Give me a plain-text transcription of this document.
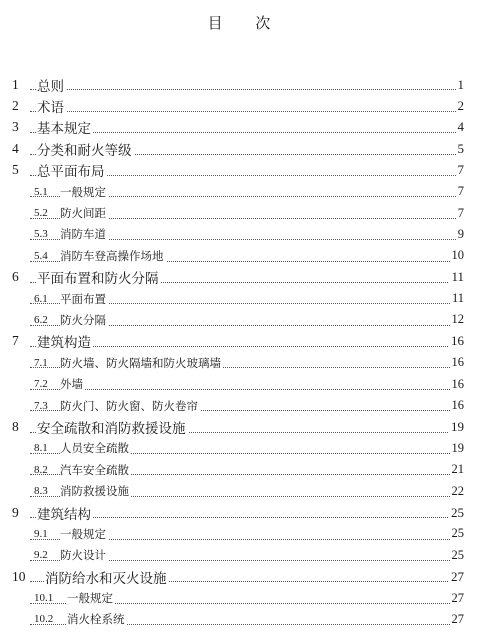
目 次
1 总则	1
2 术语	2
3 基本规定	4
4 分类和耐火等级	5
5 总平面布局	7
5.1 一般规定	7
5.2 防火间距	7
5.3 消防车道	9
5.4 消防车登高操作场地	10
6 平面布置和防火分隔	11
6.1 平面布置	11
6.2 防火分隔	12
7 建筑构造	16
7.1 防火墙、防火隔墙和防火玻璃墙	16
7.2 外墙	16
7.3 防火门、防火窗、防火卷帘	16
8 安全疏散和消防救援设施	19
8.1 人员安全疏散	19
8.2 汽车安全疏散	21
8.3 消防救援设施	22
9 建筑结构	25
9.1 一般规定	25
9.2 防火设计	25
10 消防给水和灭火设施	27
10.1 一般规定	27
10.2 消火栓系统	27
